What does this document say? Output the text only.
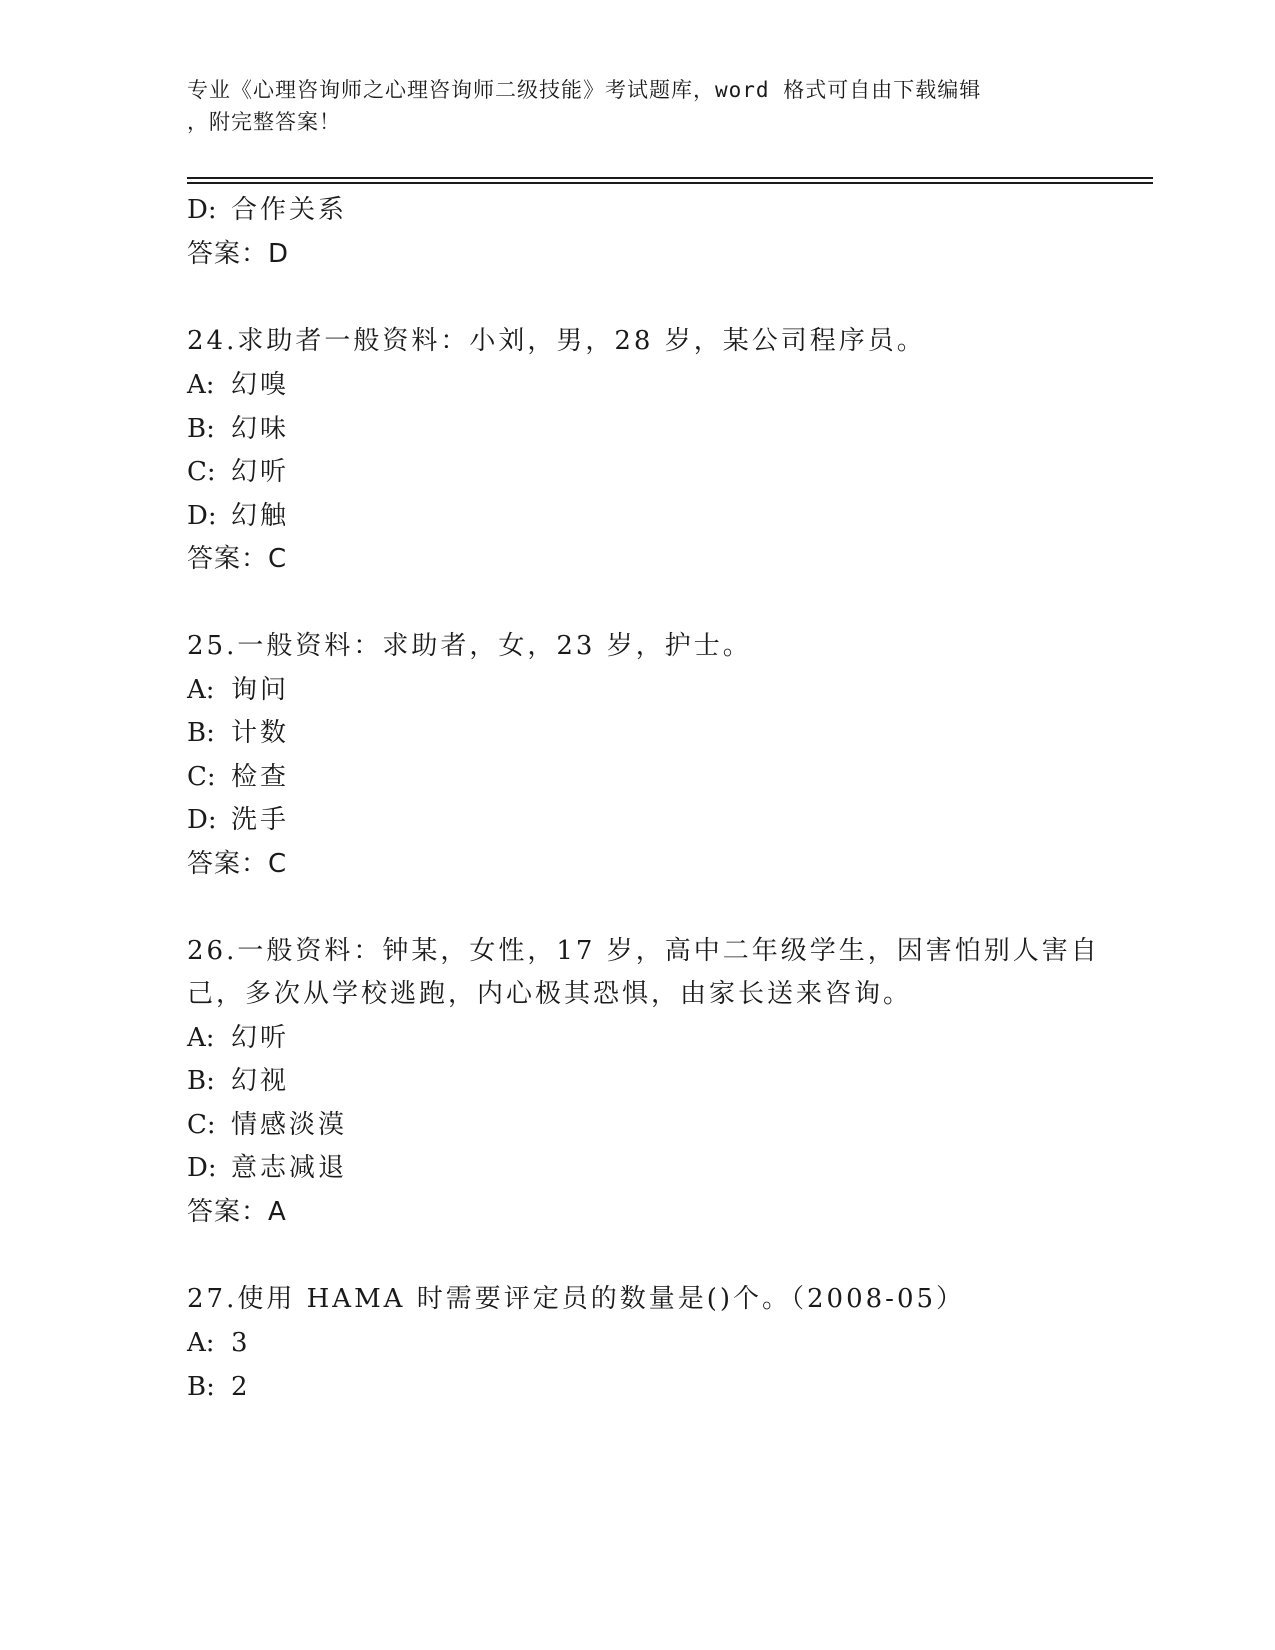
专业《心理咨询师之心理咨询师二级技能》考试题库，word 格式可自由下载编辑
，附完整答案！
D: 合作关系
答案：D
24.求助者一般资料：小刘，男，28 岁，某公司程序员。
A: 幻嗅
B: 幻味
C: 幻听
D: 幻触
答案：C
25.一般资料：求助者，女，23 岁，护士。
A: 询问
B: 计数
C: 检查
D: 洗手
答案：C
26.一般资料：钟某，女性，17 岁，高中二年级学生，因害怕别人害自
己，多次从学校逃跑，内心极其恐惧，由家长送来咨询。
A: 幻听
B: 幻视
C: 情感淡漠
D: 意志减退
答案：A
27.使用 HAMA 时需要评定员的数量是()个。（2008-05）
A: 3
B: 2
